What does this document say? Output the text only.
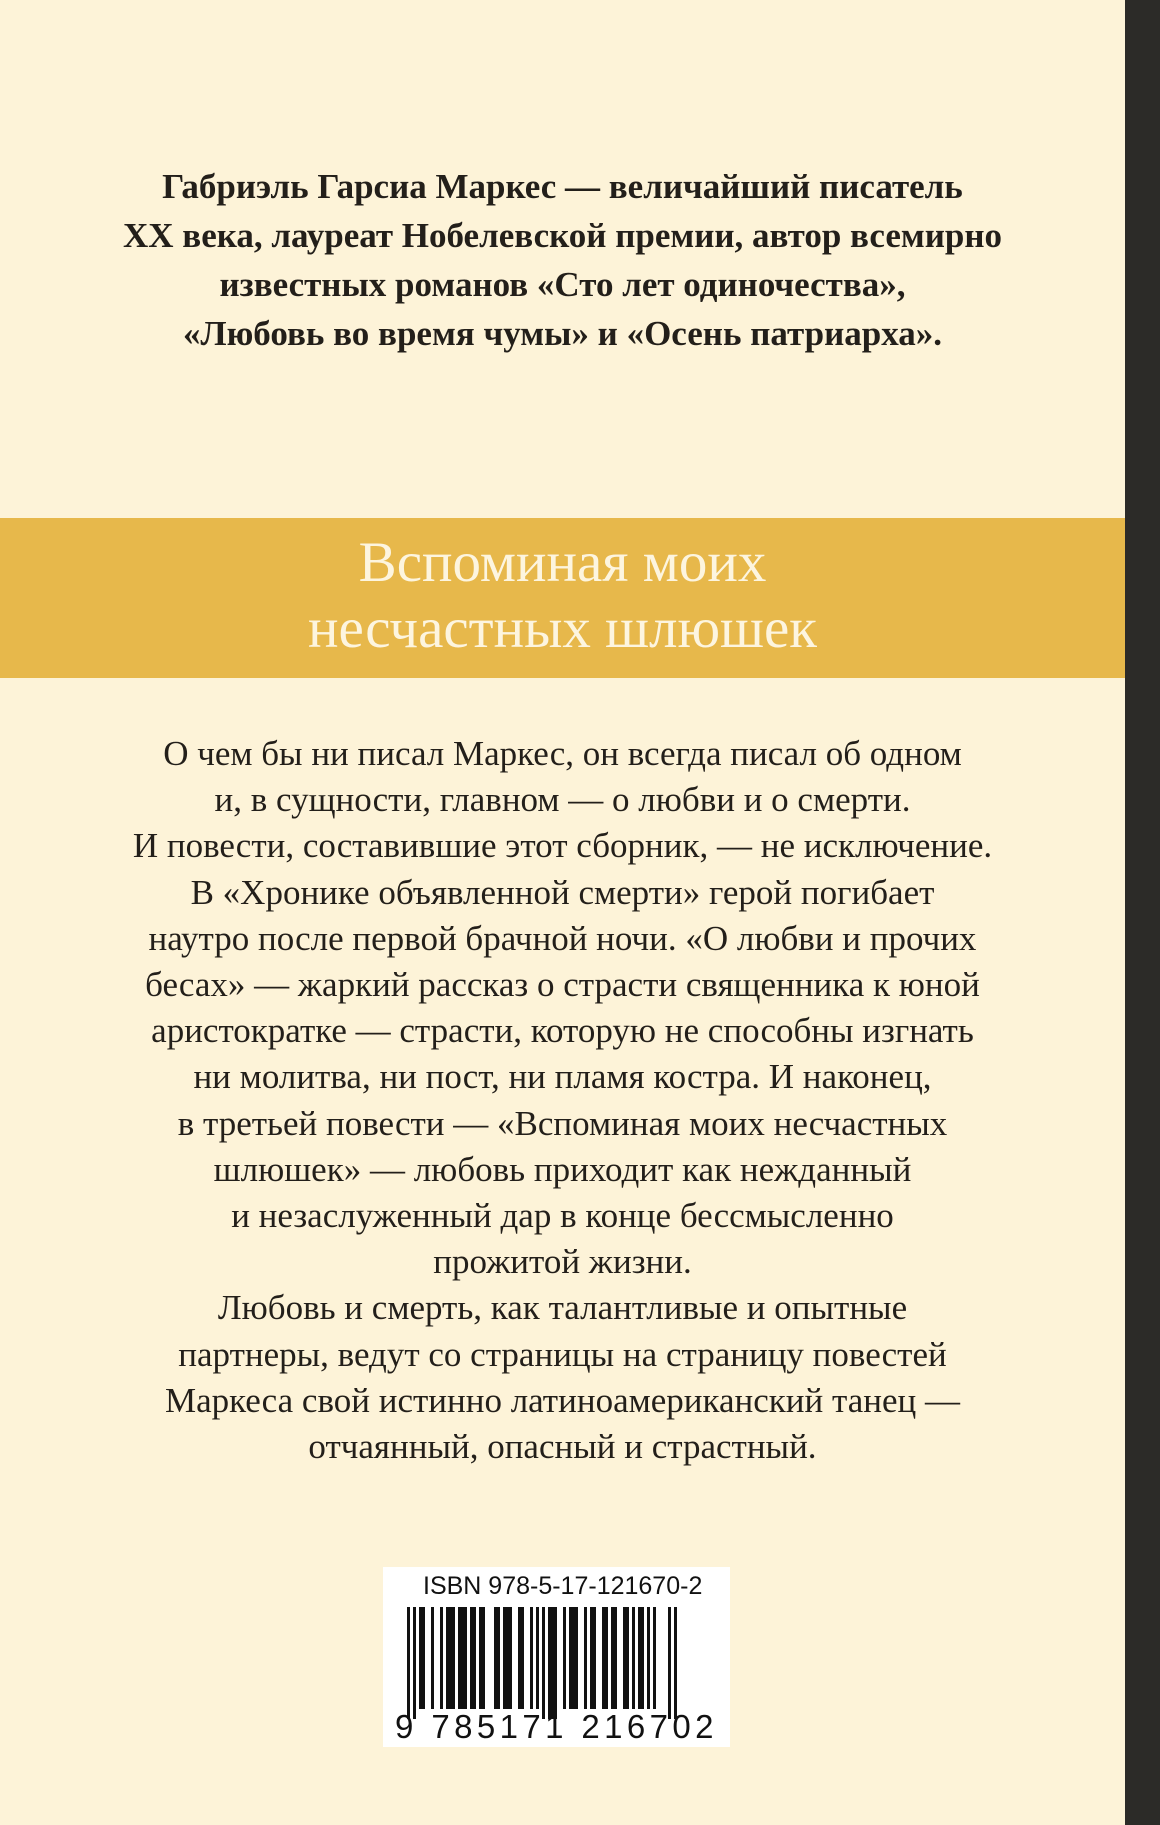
Габриэль Гарсиа Маркес — величайший писатель
XX века, лауреат Нобелевской премии, автор всемирно
известных романов «Сто лет одиночества»,
«Любовь во время чумы» и «Осень патриарха».
Вспоминая моих
несчастных шлюшек
О чем бы ни писал Маркес, он всегда писал об одном
и, в сущности, главном — о любви и о смерти.
И повести, составившие этот сборник, — не исключение.
В «Хронике объявленной смерти» герой погибает
наутро после первой брачной ночи. «О любви и прочих
бесах» — жаркий рассказ о страсти священника к юной
аристократке — страсти, которую не способны изгнать
ни молитва, ни пост, ни пламя костра. И наконец,
в третьей повести — «Вспоминая моих несчастных
шлюшек» — любовь приходит как нежданный
и незаслуженный дар в конце бессмысленно
прожитой жизни.
Любовь и смерть, как талантливые и опытные
партнеры, ведут со страницы на страницу повестей
Маркеса свой истинно латиноамериканский танец —
отчаянный, опасный и страстный.
ISBN 978-5-17-121670-2
9 785171 216702
